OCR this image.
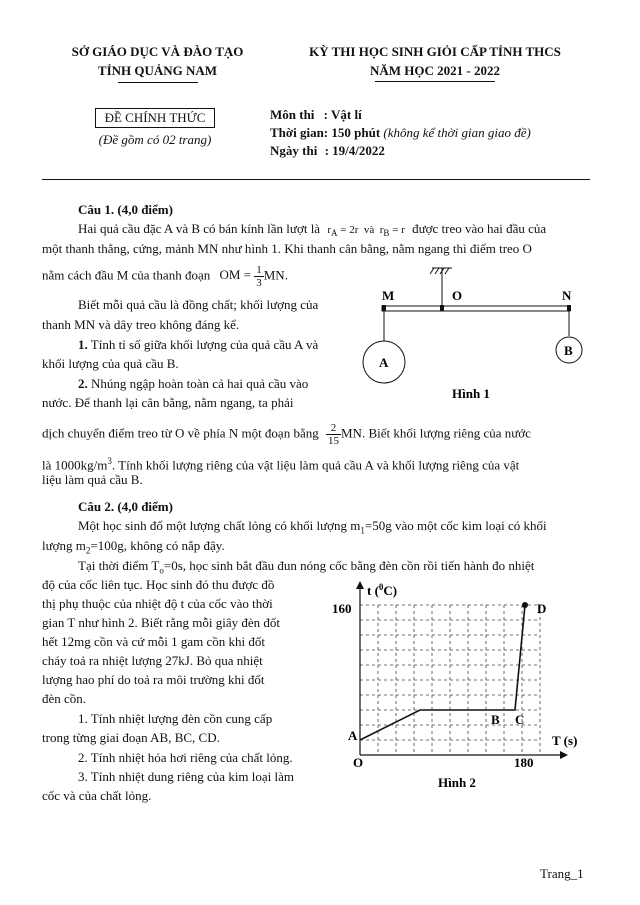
SỞ GIÁO DỤC VÀ ĐÀO TẠO
TỈNH QUẢNG NAM
KỲ THI HỌC SINH GIỎI CẤP TỈNH THCS
NĂM HỌC 2021 - 2022
ĐỀ CHÍNH THỨC
(Đề gồm có 02 trang)
Môn thi : Vật lí
Thời gian: 150 phút (không kể thời gian giao đề)
Ngày thi : 19/4/2022
Câu 1. (4,0 điểm)
Hai quả cầu đặc A và B có bán kính lần lượt là $r_A = 2r$  và  $r_B = r$ được treo vào hai đầu của
một thanh thẳng, cứng, mảnh MN như hình 1. Khi thanh cân bằng, nằm ngang thì điểm treo O
nằm cách đầu M của thanh đoạn OM = $\frac{1}{3}$ MN.
Biết mỗi quả cầu là đồng chất; khối lượng của
thanh MN và dây treo không đáng kể.
1. Tính tỉ số giữa khối lượng của quả cầu A và
khối lượng của quả cầu B.
2. Nhúng ngập hoàn toàn cả hai quả cầu vào
nước. Để thanh lại cân bằng, nằm ngang, ta phải
dịch chuyển điểm treo từ O về phía N một đoạn bằng $\frac{2}{15}$ MN. Biết khối lượng riêng của nước
là $1000kg/m^3$. Tính khối lượng riêng của vật liệu làm quả cầu A và khối lượng riêng của vật
liệu làm quả cầu B.
M	O	N
A
B
Hình 1
Câu 2. (4,0 điểm)
Một học sinh đổ một lượng chất lỏng có khối lượng $m_1=50g$ vào một cốc kim loại có khối
lượng $m_2=100g$, không có nắp đậy.
Tại thời điểm $T_o=0s$, học sinh bắt đầu đun nóng cốc bằng đèn cồn rồi tiến hành đo nhiệt
độ của cốc liên tục. Học sinh đó thu được đồ
thị phụ thuộc của nhiệt độ t của cốc vào thời
gian T như hình 2. Biết rằng mỗi giây đèn đốt
hết 12mg cồn và cứ mỗi 1 gam cồn khi đốt
cháy toả ra nhiệt lượng 27kJ. Bỏ qua nhiệt
lượng hao phí do toả ra môi trường khi đốt
đèn cồn.
1. Tính nhiệt lượng đèn cồn cung cấp
trong từng giai đoạn AB, BC, CD.
2. Tính nhiệt hóa hơi riêng của chất lỏng.
3. Tính nhiệt dung riêng của kim loại làm
cốc và của chất lỏng.
t ($^0$C)
T (s)
O
160
180
Hình 2
A
B C
D
Trang_1
